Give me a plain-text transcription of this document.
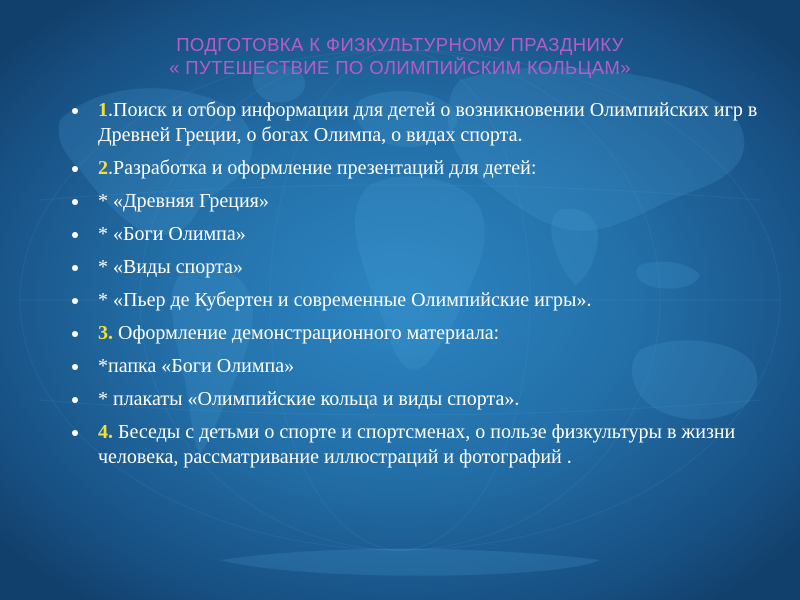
ПОДГОТОВКА К ФИЗКУЛЬТУРНОМУ ПРАЗДНИКУ
« ПУТЕШЕСТВИЕ ПО ОЛИМПИЙСКИМ КОЛЬЦАМ»
1.Поиск и отбор информации для детей о возникновении Олимпийских игр в Древней Греции, о богах Олимпа, о видах спорта.
2.Разработка и оформление презентаций для детей:
* «Древняя Греция»
* «Боги Олимпа»
* «Виды спорта»
* «Пьер де Кубертен и современные Олимпийские игры».
3. Оформление демонстрационного материала:
*папка «Боги Олимпа»
* плакаты «Олимпийские кольца и виды спорта».
4. Беседы с детьми о спорте и спортсменах, о пользе физкультуры в жизни человека, рассматривание иллюстраций и фотографий .
